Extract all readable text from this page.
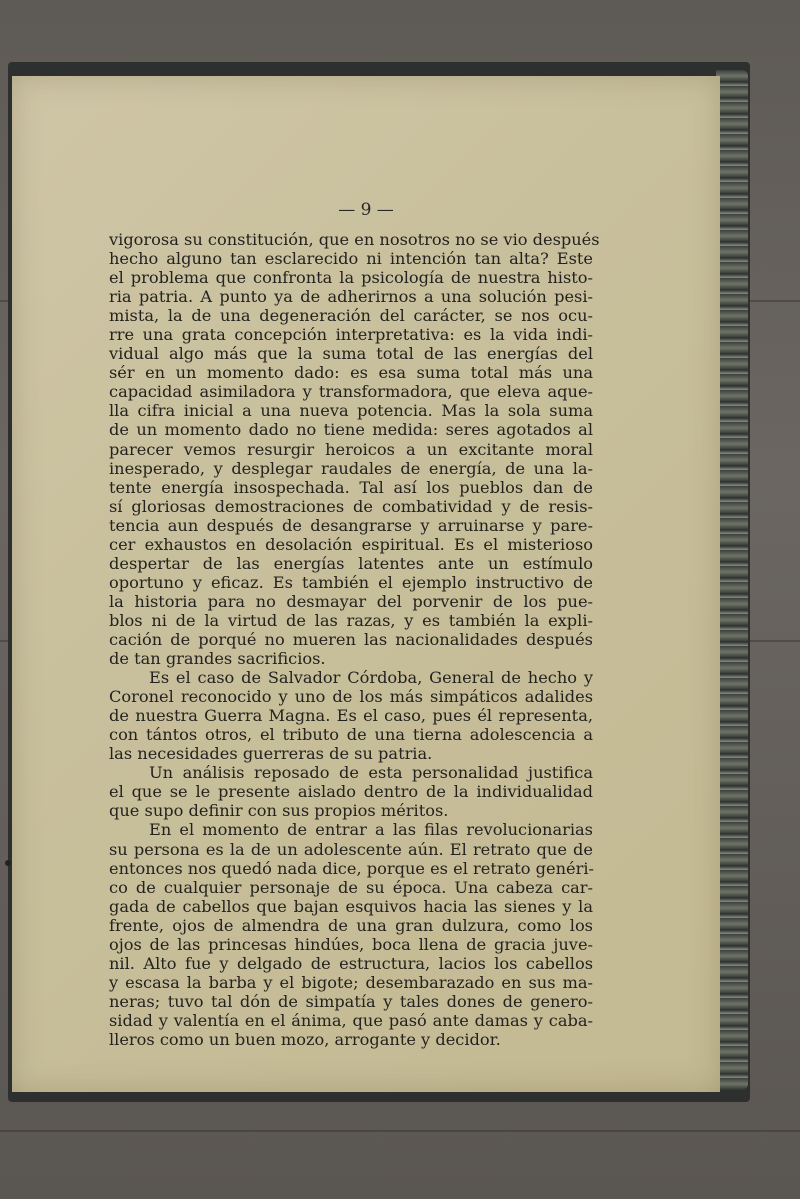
— 9 —
vigorosa su constitución, que en nosotros no se vio después
hecho alguno tan esclarecido ni intención tan alta? Este
el problema que confronta la psicología de nuestra histo-
ria patria. A punto ya de adherirnos a una solución pesi-
mista, la de una degeneración del carácter, se nos ocu-
rre una grata concepción interpretativa: es la vida indi-
vidual algo más que la suma total de las energías del
sér en un momento dado: es esa suma total más una
capacidad asimiladora y transformadora, que eleva aque-
lla cifra inicial a una nueva potencia. Mas la sola suma
de un momento dado no tiene medida: seres agotados al
parecer vemos resurgir heroicos a un excitante moral
inesperado, y desplegar raudales de energía, de una la-
tente energía insospechada. Tal así los pueblos dan de
sí gloriosas demostraciones de combatividad y de resis-
tencia aun después de desangrarse y arruinarse y pare-
cer exhaustos en desolación espiritual. Es el misterioso
despertar de las energías latentes ante un estímulo
oportuno y eficaz. Es también el ejemplo instructivo de
la historia para no desmayar del porvenir de los pue-
blos ni de la virtud de las razas, y es también la expli-
cación de porqué no mueren las nacionalidades después
de tan grandes sacrificios.
Es el caso de Salvador Córdoba, General de hecho y
Coronel reconocido y uno de los más simpáticos adalides
de nuestra Guerra Magna. Es el caso, pues él representa,
con tántos otros, el tributo de una tierna adolescencia a
las necesidades guerreras de su patria.
Un análisis reposado de esta personalidad justifica
el que se le presente aislado dentro de la individualidad
que supo definir con sus propios méritos.
En el momento de entrar a las filas revolucionarias
su persona es la de un adolescente aún. El retrato que de
entonces nos quedó nada dice, porque es el retrato genéri-
co de cualquier personaje de su época. Una cabeza car-
gada de cabellos que bajan esquivos hacia las sienes y la
frente, ojos de almendra de una gran dulzura, como los
ojos de las princesas hindúes, boca llena de gracia juve-
nil. Alto fue y delgado de estructura, lacios los cabellos
y escasa la barba y el bigote; desembarazado en sus ma-
neras; tuvo tal dón de simpatía y tales dones de genero-
sidad y valentía en el ánima, que pasó ante damas y caba-
lleros como un buen mozo, arrogante y decidor.
